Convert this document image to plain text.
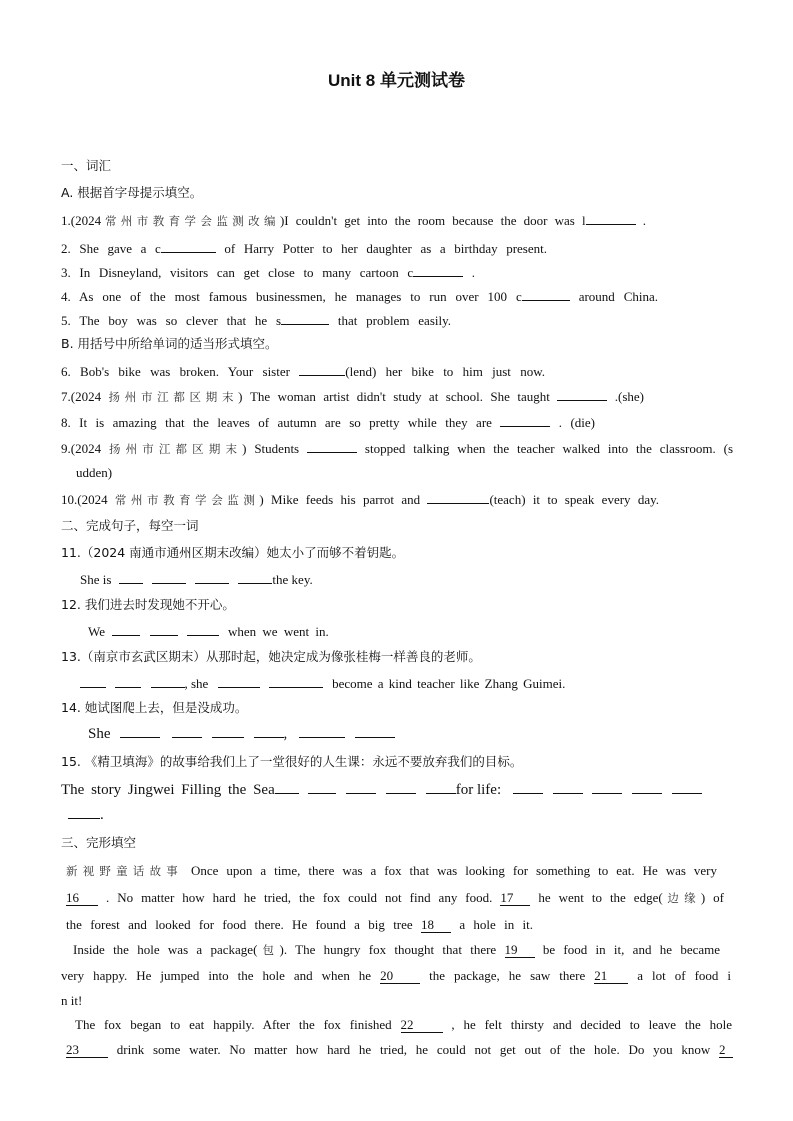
Unit 8 单元测试卷
一、词汇
A. 根据首字母提示填空。
1.(2024常州市教育学会监测改编)I couldn't get into the room because the door was l	.
2. She gave a c	of Harry Potter to her daughter as a birthday present.
3. In Disneyland, visitors can get close to many cartoon c	.
4. As one of the most famous businessmen, he manages to run over 100 c	around China.
5. The boy was so clever that he s	that problem easily.
B. 用括号中所给单词的适当形式填空。
6. Bob's bike was broken. Your sister	(lend) her bike to him just now.
7.(2024 扬州市江都区期末) The woman artist didn't study at school. She taught	.(she)
8. It is amazing that the leaves of autumn are so pretty while they are	. (die)
9.(2024 扬州市江都区期末) Students	stopped talking when the teacher walked into the classroom. (s
udden)
10.(2024 常州市教育学会监测) Mike feeds his parrot and	(teach) it to speak every day.
二、完成句子，每空一词
11.（2024 南通市通州区期末改编）她太小了而够不着钥匙。
She is	the key.
12. 我们进去时发现她不开心。
We	when we went in.
13.（南京市玄武区期末）从那时起，她决定成为像张桂梅一样善良的老师。
, she	become a kind teacher like Zhang Guimei.
14. 她试图爬上去，但是没成功。
She	,
15. 《精卫填海》的故事给我们上了一堂很好的人生课：永远不要放弃我们的目标。
The story Jingwei Filling the Sea	for life:
.
三、完形填空
新视野童话故事 Once upon a time, there was a fox that was looking for something to eat. He was very
16 . No matter how hard he tried, the fox could not find any food. 17 he went to the edge(边缘) of
the forest and looked for food there. He found a big tree 18 a hole in it.
Inside the hole was a package(包). The hungry fox thought that there 19 be food in it, and he became
very happy. He jumped into the hole and when he 20	the package, he saw there 21 a lot of food i
n it!
The fox began to eat happily. After the fox finished 22	, he felt thirsty and decided to leave the hole
23	drink some water. No matter how hard he tried, he could not get out of the hole. Do you know 2
